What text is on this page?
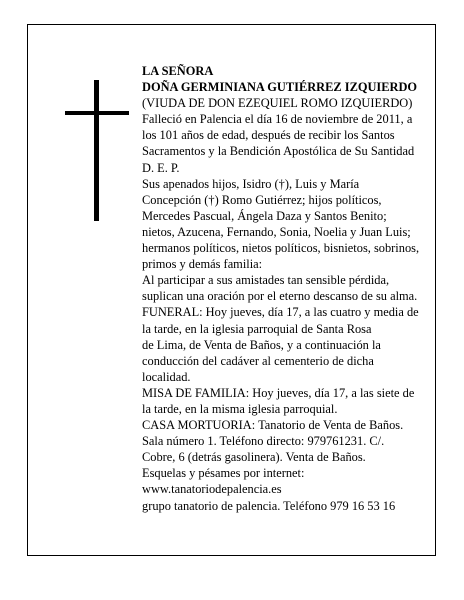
LA SEÑORA
DOÑA GERMINIANA GUTIÉRREZ IZQUIERDO
(VIUDA DE DON EZEQUIEL ROMO IZQUIERDO)
Falleció en Palencia el día 16 de noviembre de 2011, a
los 101 años de edad, después de recibir los Santos
Sacramentos y la Bendición Apostólica de Su Santidad
D. E. P.
Sus apenados hijos, Isidro (†), Luis y María
Concepción (†) Romo Gutiérrez; hijos políticos,
Mercedes Pascual, Ángela Daza y Santos Benito;
nietos, Azucena, Fernando, Sonia, Noelia y Juan Luis;
hermanos políticos, nietos políticos, bisnietos, sobrinos,
primos y demás familia:
Al participar a sus amistades tan sensible pérdida,
suplican una oración por el eterno descanso de su alma.
FUNERAL: Hoy jueves, día 17, a las cuatro y media de
la tarde, en la iglesia parroquial de Santa Rosa
de Lima, de Venta de Baños, y a continuación la
conducción del cadáver al cementerio de dicha
localidad.
MISA DE FAMILIA: Hoy jueves, día 17, a las siete de
la tarde, en la misma iglesia parroquial.
CASA MORTUORIA: Tanatorio de Venta de Baños.
Sala número 1. Teléfono directo: 979761231. C/.
Cobre, 6 (detrás gasolinera). Venta de Baños.
Esquelas y pésames por internet:
www.tanatoriodepalencia.es
grupo tanatorio de palencia. Teléfono 979 16 53 16
